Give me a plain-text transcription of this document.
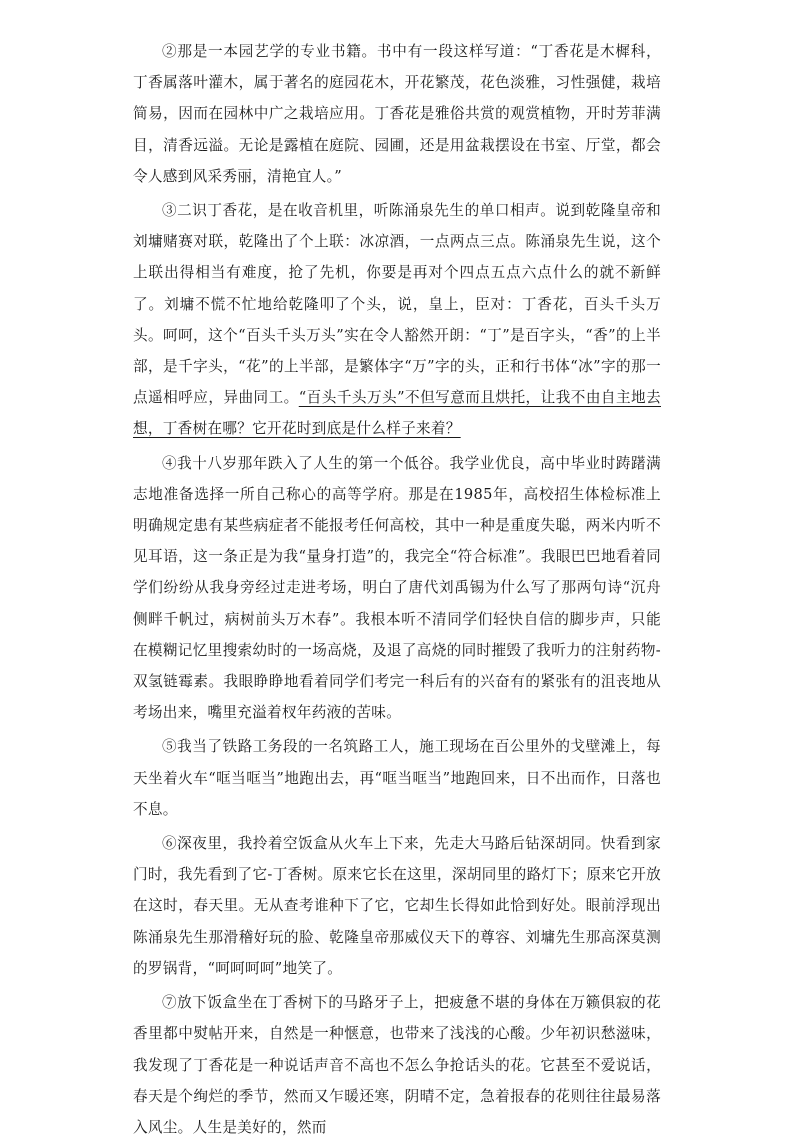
②那是一本园艺学的专业书籍。书中有一段这样写道：“丁香花是木樨科，丁香属落叶灌木，属于著名的庭园花木，开花繁茂，花色淡雅，习性强健，栽培简易，因而在园林中广之栽培应用。丁香花是雅俗共赏的观赏植物，开时芳菲满目，清香远溢。无论是露植在庭院、园圃，还是用盆栽摆设在书室、厅堂，都会令人感到风采秀丽，清艳宜人。”

③二识丁香花，是在收音机里，听陈涌泉先生的单口相声。说到乾隆皇帝和刘墉赌赛对联，乾隆出了个上联：冰凉酒，一点两点三点。陈涌泉先生说，这个上联出得相当有难度，抢了先机，你要是再对个四点五点六点什么的就不新鲜了。刘墉不慌不忙地给乾隆叩了个头，说，皇上，臣对：丁香花，百头千头万头。呵呵，这个“百头千头万头”实在令人豁然开朗：“丁”是百字头，“香”的上半部，是千字头，“花”的上半部，是繁体字“万”字的头，正和行书体“冰”字的那一点遥相呼应，异曲同工。“百头千头万头”不但写意而且烘托，让我不由自主地去想，丁香树在哪？它开花时到底是什么样子来着？

④我十八岁那年跌入了人生的第一个低谷。我学业优良，高中毕业时踌躇满志地准备选择一所自己称心的高等学府。那是在1985年，高校招生体检标准上明确规定患有某些病症者不能报考任何高校，其中一种是重度失聪，两米内听不见耳语，这一条正是为我“量身打造”的，我完全“符合标准”。我眼巴巴地看着同学们纷纷从我身旁经过走进考场，明白了唐代刘禹锡为什么写了那两句诗“沉舟侧畔千帆过，病树前头万木春”。我根本听不清同学们轻快自信的脚步声，只能在模糊记忆里搜索幼时的一场高烧，及退了高烧的同时摧毁了我听力的注射药物-双氢链霉素。我眼睁睁地看着同学们考完一科后有的兴奋有的紧张有的沮丧地从考场出来，嘴里充溢着杈年药液的苦味。

⑤我当了铁路工务段的一名筑路工人，施工现场在百公里外的戈壁滩上，每天坐着火车“哐当哐当”地跑出去，再“哐当哐当”地跑回来，日不出而作，日落也不息。

⑥深夜里，我拎着空饭盒从火车上下来，先走大马路后钻深胡同。快看到家门时，我先看到了它-丁香树。原来它长在这里，深胡同里的路灯下；原来它开放在这时，春天里。无从查考谁种下了它，它却生长得如此恰到好处。眼前浮现出陈涌泉先生那滑稽好玩的脸、乾隆皇帝那威仪天下的尊容、刘墉先生那高深莫测的罗锅背，“呵呵呵呵”地笑了。

⑦放下饭盒坐在丁香树下的马路牙子上，把疲惫不堪的身体在万籁俱寂的花香里都中熨帖开来，自然是一种惬意，也带来了浅浅的心酸。少年初识愁滋味，我发现了丁香花是一种说话声音不高也不怎么争抢话头的花。它甚至不爱说话，春天是个绚烂的季节，然而又乍暖还寒，阴晴不定，急着报春的花则往往最易落入风尘。人生是美好的，然而
